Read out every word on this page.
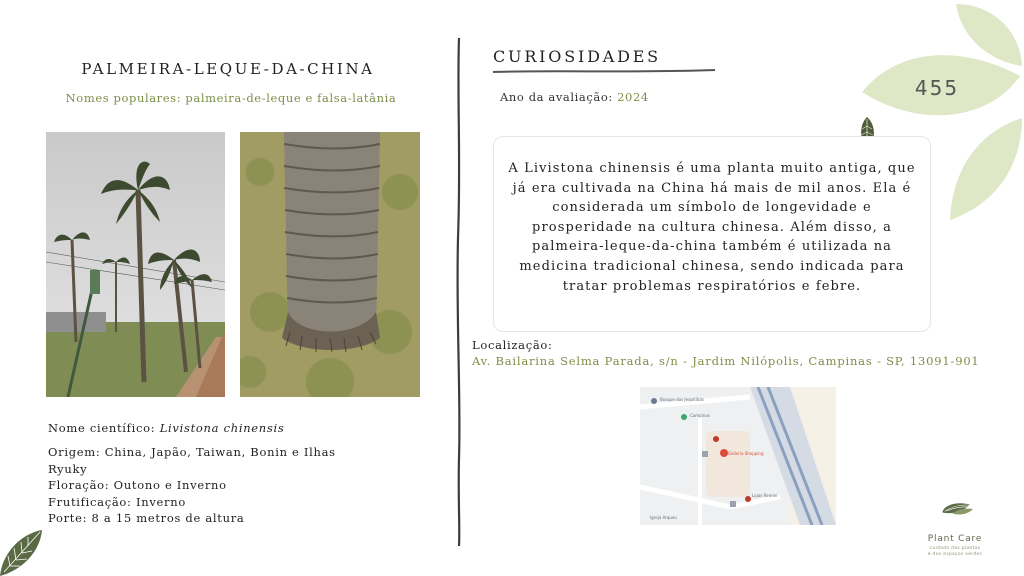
455
PALMEIRA-LEQUE-DA-CHINA
Nomes populares: palmeira-de-leque e falsa-latânia
Nome científico: Livistona chinensis
Origem: China, Japão, Taiwan, Bonin e Ilhas Ryuky
Floração: Outono e Inverno
Frutificação: Inverno
Porte: 8 a 15 metros de altura
CURIOSIDADES
Ano da avaliação: 2024
A Livistona chinensis é uma planta muito antiga, que já era cultivada na China há mais de mil anos. Ela é considerada um símbolo de longevidade e prosperidade na cultura chinesa. Além disso, a palmeira-leque-da-china também é utilizada na medicina tradicional chinesa, sendo indicada para tratar problemas respiratórios e febre.
Localização:
Av. Bailarina Selma Parada, s/n - Jardim Nilópolis, Campinas - SP, 13091-901
Bosque dos Jequitibás
Campinas
Galleria Shopping
Lojas Renner
Igreja Arqueu
Plant Care
cuidado das plantas
e dos espaços verdes
